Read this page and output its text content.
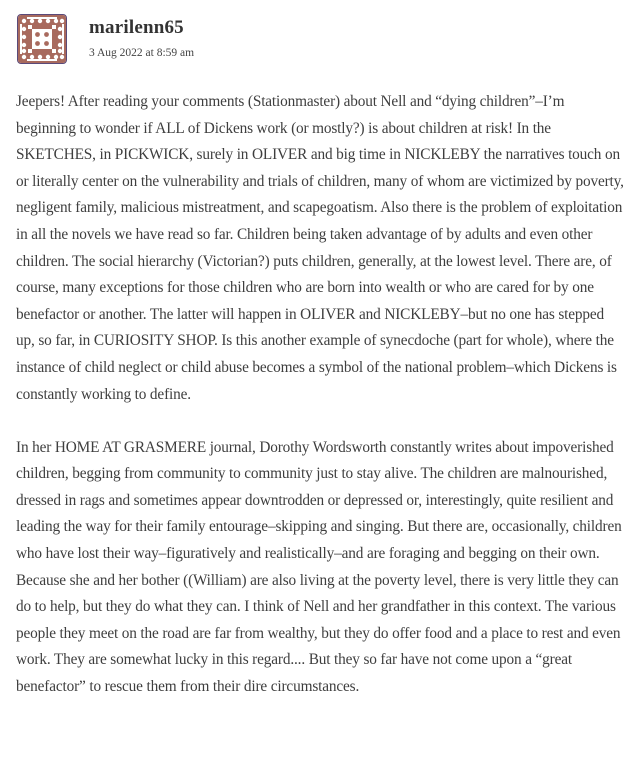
marilenn65
3 Aug 2022 at 8:59 am

Jeepers! After reading your comments (Stationmaster) about Nell and “dying children”–I’m beginning to wonder if ALL of Dickens work (or mostly?) is about children at risk! In the SKETCHES, in PICKWICK, surely in OLIVER and big time in NICKLEBY the narratives touch on or literally center on the vulnerability and trials of children, many of whom are victimized by poverty, negligent family, malicious mistreatment, and scapegoatism. Also there is the problem of exploitation in all the novels we have read so far. Children being taken advantage of by adults and even other children. The social hierarchy (Victorian?) puts children, generally, at the lowest level. There are, of course, many exceptions for those children who are born into wealth or who are cared for by one benefactor or another. The latter will happen in OLIVER and NICKLEBY–but no one has stepped up, so far, in CURIOSITY SHOP. Is this another example of synecdoche (part for whole), where the instance of child neglect or child abuse becomes a symbol of the national problem–which Dickens is constantly working to define.

In her HOME AT GRASMERE journal, Dorothy Wordsworth constantly writes about impoverished children, begging from community to community just to stay alive. The children are malnourished, dressed in rags and sometimes appear downtrodden or depressed or, interestingly, quite resilient and leading the way for their family entourage–skipping and singing. But there are, occasionally, children who have lost their way–figuratively and realistically–and are foraging and begging on their own. Because she and her bother ((William) are also living at the poverty level, there is very little they can do to help, but they do what they can. I think of Nell and her grandfather in this context. The various people they meet on the road are far from wealthy, but they do offer food and a place to rest and even work. They are somewhat lucky in this regard.... But they so far have not come upon a “great benefactor” to rescue them from their dire circumstances.
